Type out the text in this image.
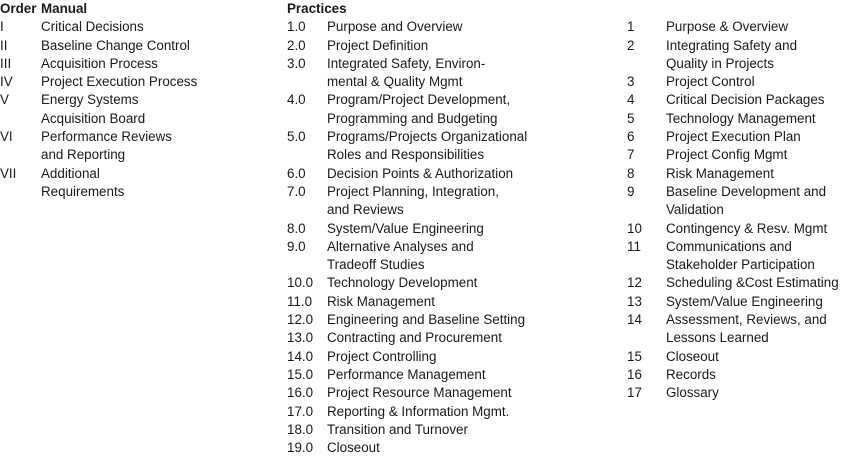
Order Manual
I	Critical Decisions
II	Baseline Change Control
III	Acquisition Process
IV	Project Execution Process
V	Energy Systems
Acquisition Board
VI	Performance Reviews
and Reporting
VII	Additional
Requirements
Practices
1.0	Purpose and Overview
2.0	Project Definition
3.0	Integrated Safety, Environ-
mental & Quality Mgmt
4.0	Program/Project Development,
Programming and Budgeting
5.0	Programs/Projects Organizational
Roles and Responsibilities
6.0	Decision Points & Authorization
7.0	Project Planning, Integration,
and Reviews
8.0	System/Value Engineering
9.0	Alternative Analyses and
Tradeoff Studies
10.0	Technology Development
11.0	Risk Management
12.0	Engineering and Baseline Setting
13.0	Contracting and Procurement
14.0	Project Controlling
15.0	Performance Management
16.0	Project Resource Management
17.0	Reporting & Information Mgmt.
18.0	Transition and Turnover
19.0	Closeout

1	Purpose & Overview
2	Integrating Safety and
Quality in Projects
3	Project Control
4	Critical Decision Packages
5	Technology Management
6	Project Execution Plan
7	Project Config Mgmt
8	Risk Management
9	Baseline Development and
Validation
10	Contingency & Resv. Mgmt
11	Communications and
Stakeholder Participation
12	Scheduling &Cost Estimating
13	System/Value Engineering
14	Assessment, Reviews, and
Lessons Learned
15	Closeout
16	Records
17	Glossary
